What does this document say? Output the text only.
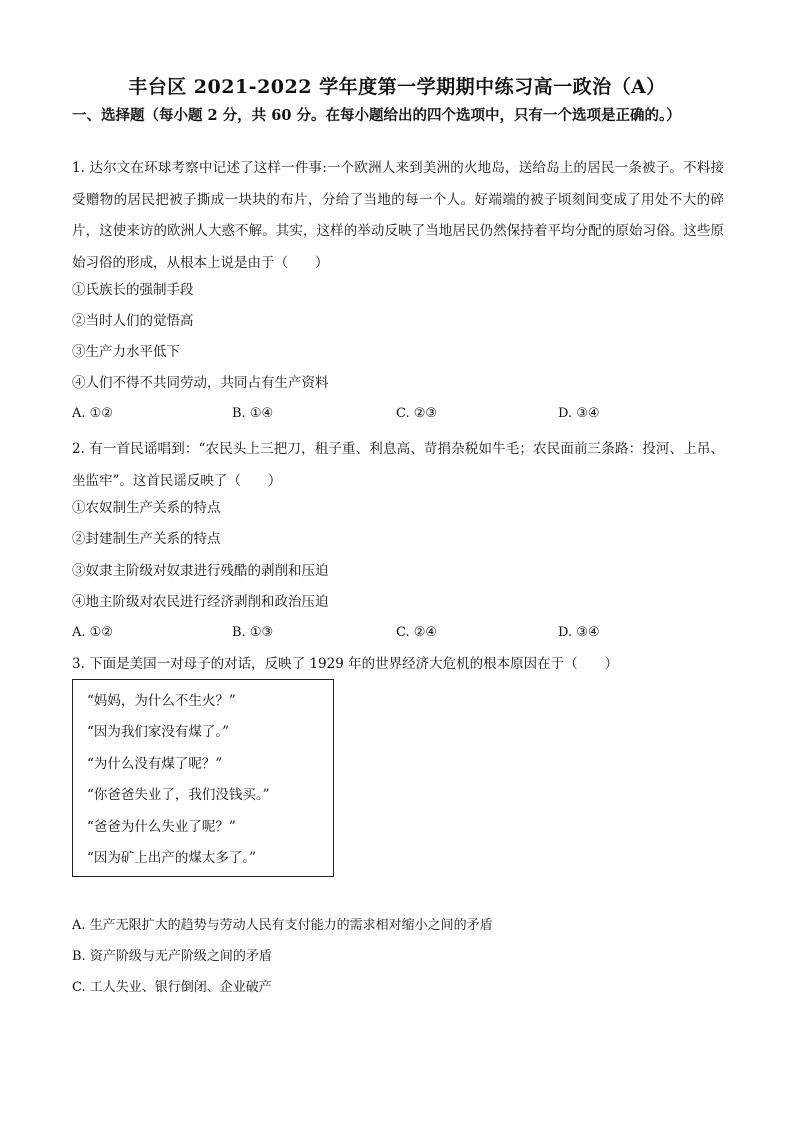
丰台区 2021-2022 学年度第一学期期中练习高一政治（A）
一、选择题（每小题 2 分，共 60 分。在每小题给出的四个选项中，只有一个选项是正确的。）
1. 达尔文在环球考察中记述了这样一件事:一个欧洲人来到美洲的火地岛，送给岛上的居民一条被子。不料接受赠物的居民把被子撕成一块块的布片，分给了当地的每一个人。好端端的被子顷刻间变成了用处不大的碎片，这使来访的欧洲人大惑不解。其实，这样的举动反映了当地居民仍然保持着平均分配的原始习俗。这些原始习俗的形成，从根本上说是由于（　　）
①氏族长的强制手段
②当时人们的觉悟高
③生产力水平低下
④人们不得不共同劳动，共同占有生产资料
A. ①②	B. ①④	C. ②③	D. ③④
2. 有一首民谣唱到：“农民头上三把刀，租子重、利息高、苛捐杂税如牛毛；农民面前三条路：投河、上吊、坐监牢”。这首民谣反映了（　　）
①农奴制生产关系的特点
②封建制生产关系的特点
③奴隶主阶级对奴隶进行残酷的剥削和压迫
④地主阶级对农民进行经济剥削和政治压迫
A. ①②	B. ①③	C. ②④	D. ③④
3. 下面是美国一对母子的对话，反映了 1929 年的世界经济大危机的根本原因在于（　　）
“妈妈，为什么不生火？”
“因为我们家没有煤了。”
“为什么没有煤了呢？”
“你爸爸失业了，我们没钱买。”
“爸爸为什么失业了呢？”
“因为矿上出产的煤太多了。”
A. 生产无限扩大的趋势与劳动人民有支付能力的需求相对缩小之间的矛盾
B. 资产阶级与无产阶级之间的矛盾
C. 工人失业、银行倒闭、企业破产
